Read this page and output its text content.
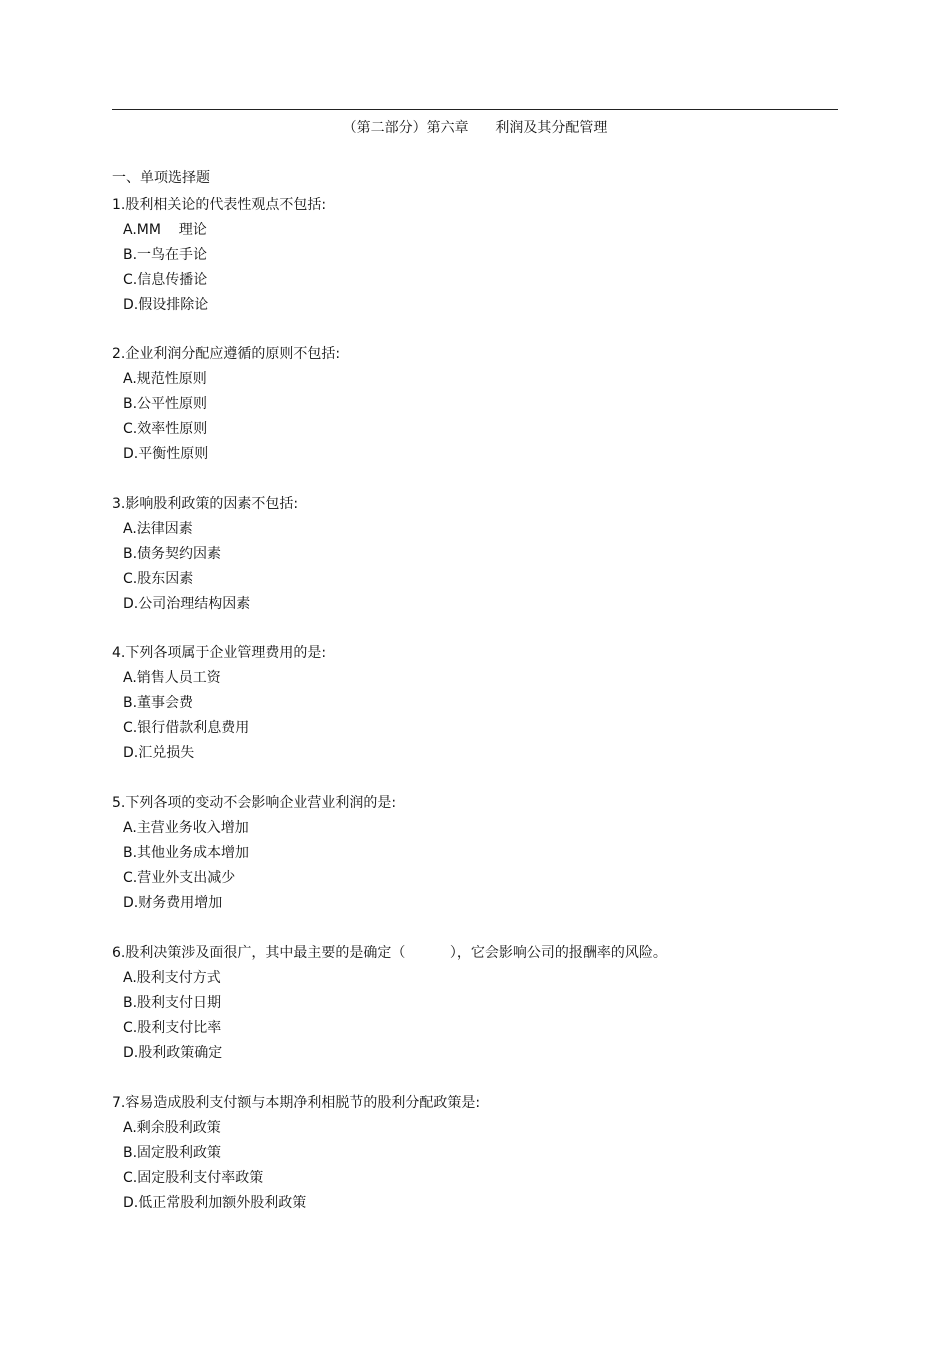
（第二部分）第六章      利润及其分配管理
一、单项选择题
1.股利相关论的代表性观点不包括:
A.MM    理论
B.一鸟在手论
C.信息传播论
D.假设排除论
2.企业利润分配应遵循的原则不包括:
A.规范性原则
B.公平性原则
C.效率性原则
D.平衡性原则
3.影响股利政策的因素不包括:
A.法律因素
B.债务契约因素
C.股东因素
D.公司治理结构因素
4.下列各项属于企业管理费用的是:
A.销售人员工资
B.董事会费
C.银行借款利息费用
D.汇兑损失
5.下列各项的变动不会影响企业营业利润的是:
A.主营业务收入增加
B.其他业务成本增加
C.营业外支出减少
D.财务费用增加
6.股利决策涉及面很广，其中最主要的是确定（          ），它会影响公司的报酬率的风险。
A.股利支付方式
B.股利支付日期
C.股利支付比率
D.股利政策确定
7.容易造成股利支付额与本期净利相脱节的股利分配政策是:
A.剩余股利政策
B.固定股利政策
C.固定股利支付率政策
D.低正常股利加额外股利政策
